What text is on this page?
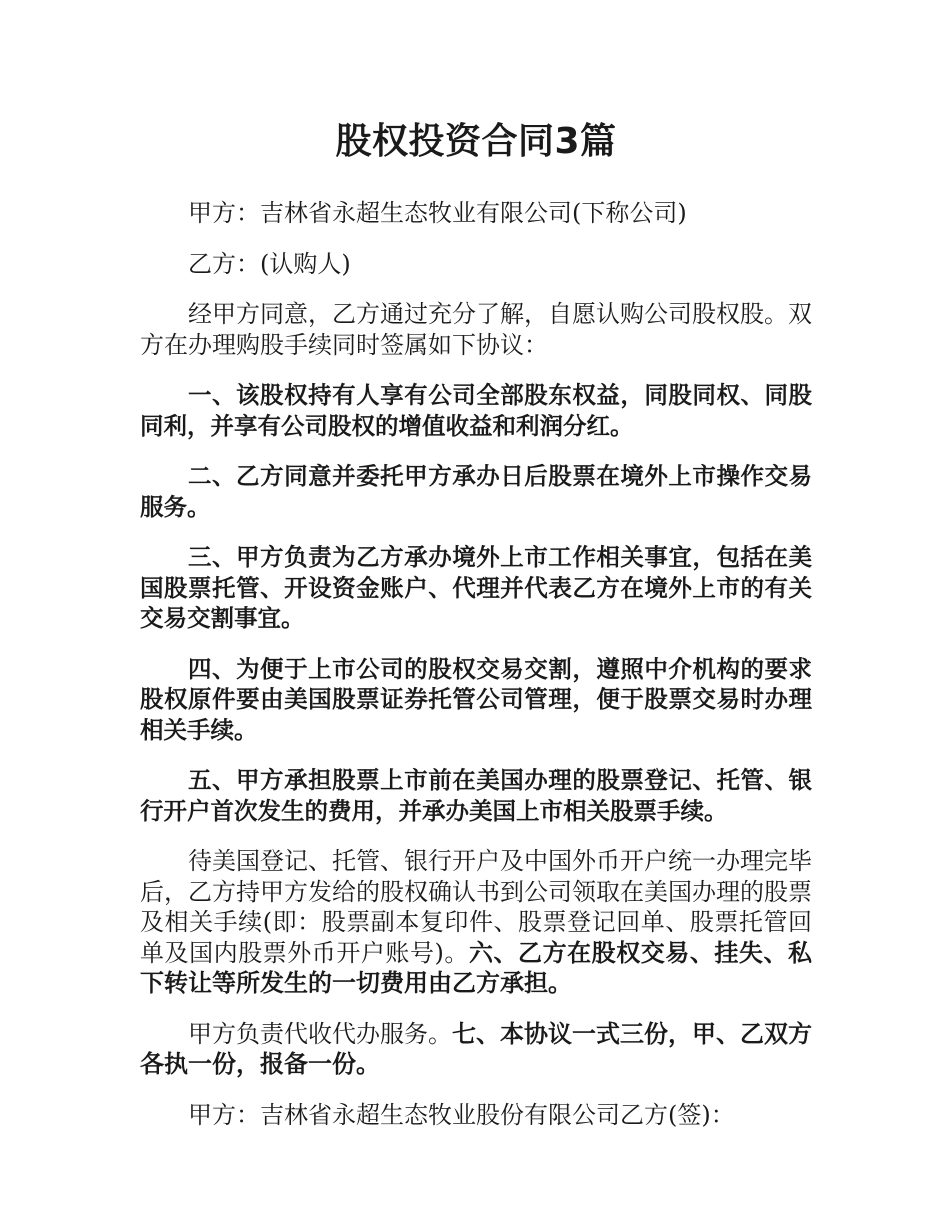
股权投资合同3篇

甲方：吉林省永超生态牧业有限公司(下称公司)

乙方：(认购人)

经甲方同意，乙方通过充分了解，自愿认购公司股权股。双方在办理购股手续同时签属如下协议：

一、该股权持有人享有公司全部股东权益，同股同权、同股同利，并享有公司股权的增值收益和利润分红。

二、乙方同意并委托甲方承办日后股票在境外上市操作交易服务。

三、甲方负责为乙方承办境外上市工作相关事宜，包括在美国股票托管、开设资金账户、代理并代表乙方在境外上市的有关交易交割事宜。

四、为便于上市公司的股权交易交割，遵照中介机构的要求股权原件要由美国股票证券托管公司管理，便于股票交易时办理相关手续。

五、甲方承担股票上市前在美国办理的股票登记、托管、银行开户首次发生的费用，并承办美国上市相关股票手续。

待美国登记、托管、银行开户及中国外币开户统一办理完毕后，乙方持甲方发给的股权确认书到公司领取在美国办理的股票及相关手续(即：股票副本复印件、股票登记回单、股票托管回单及国内股票外币开户账号)。六、乙方在股权交易、挂失、私下转让等所发生的一切费用由乙方承担。

甲方负责代收代办服务。七、本协议一式三份，甲、乙双方各执一份，报备一份。

甲方：吉林省永超生态牧业股份有限公司乙方(签)：
